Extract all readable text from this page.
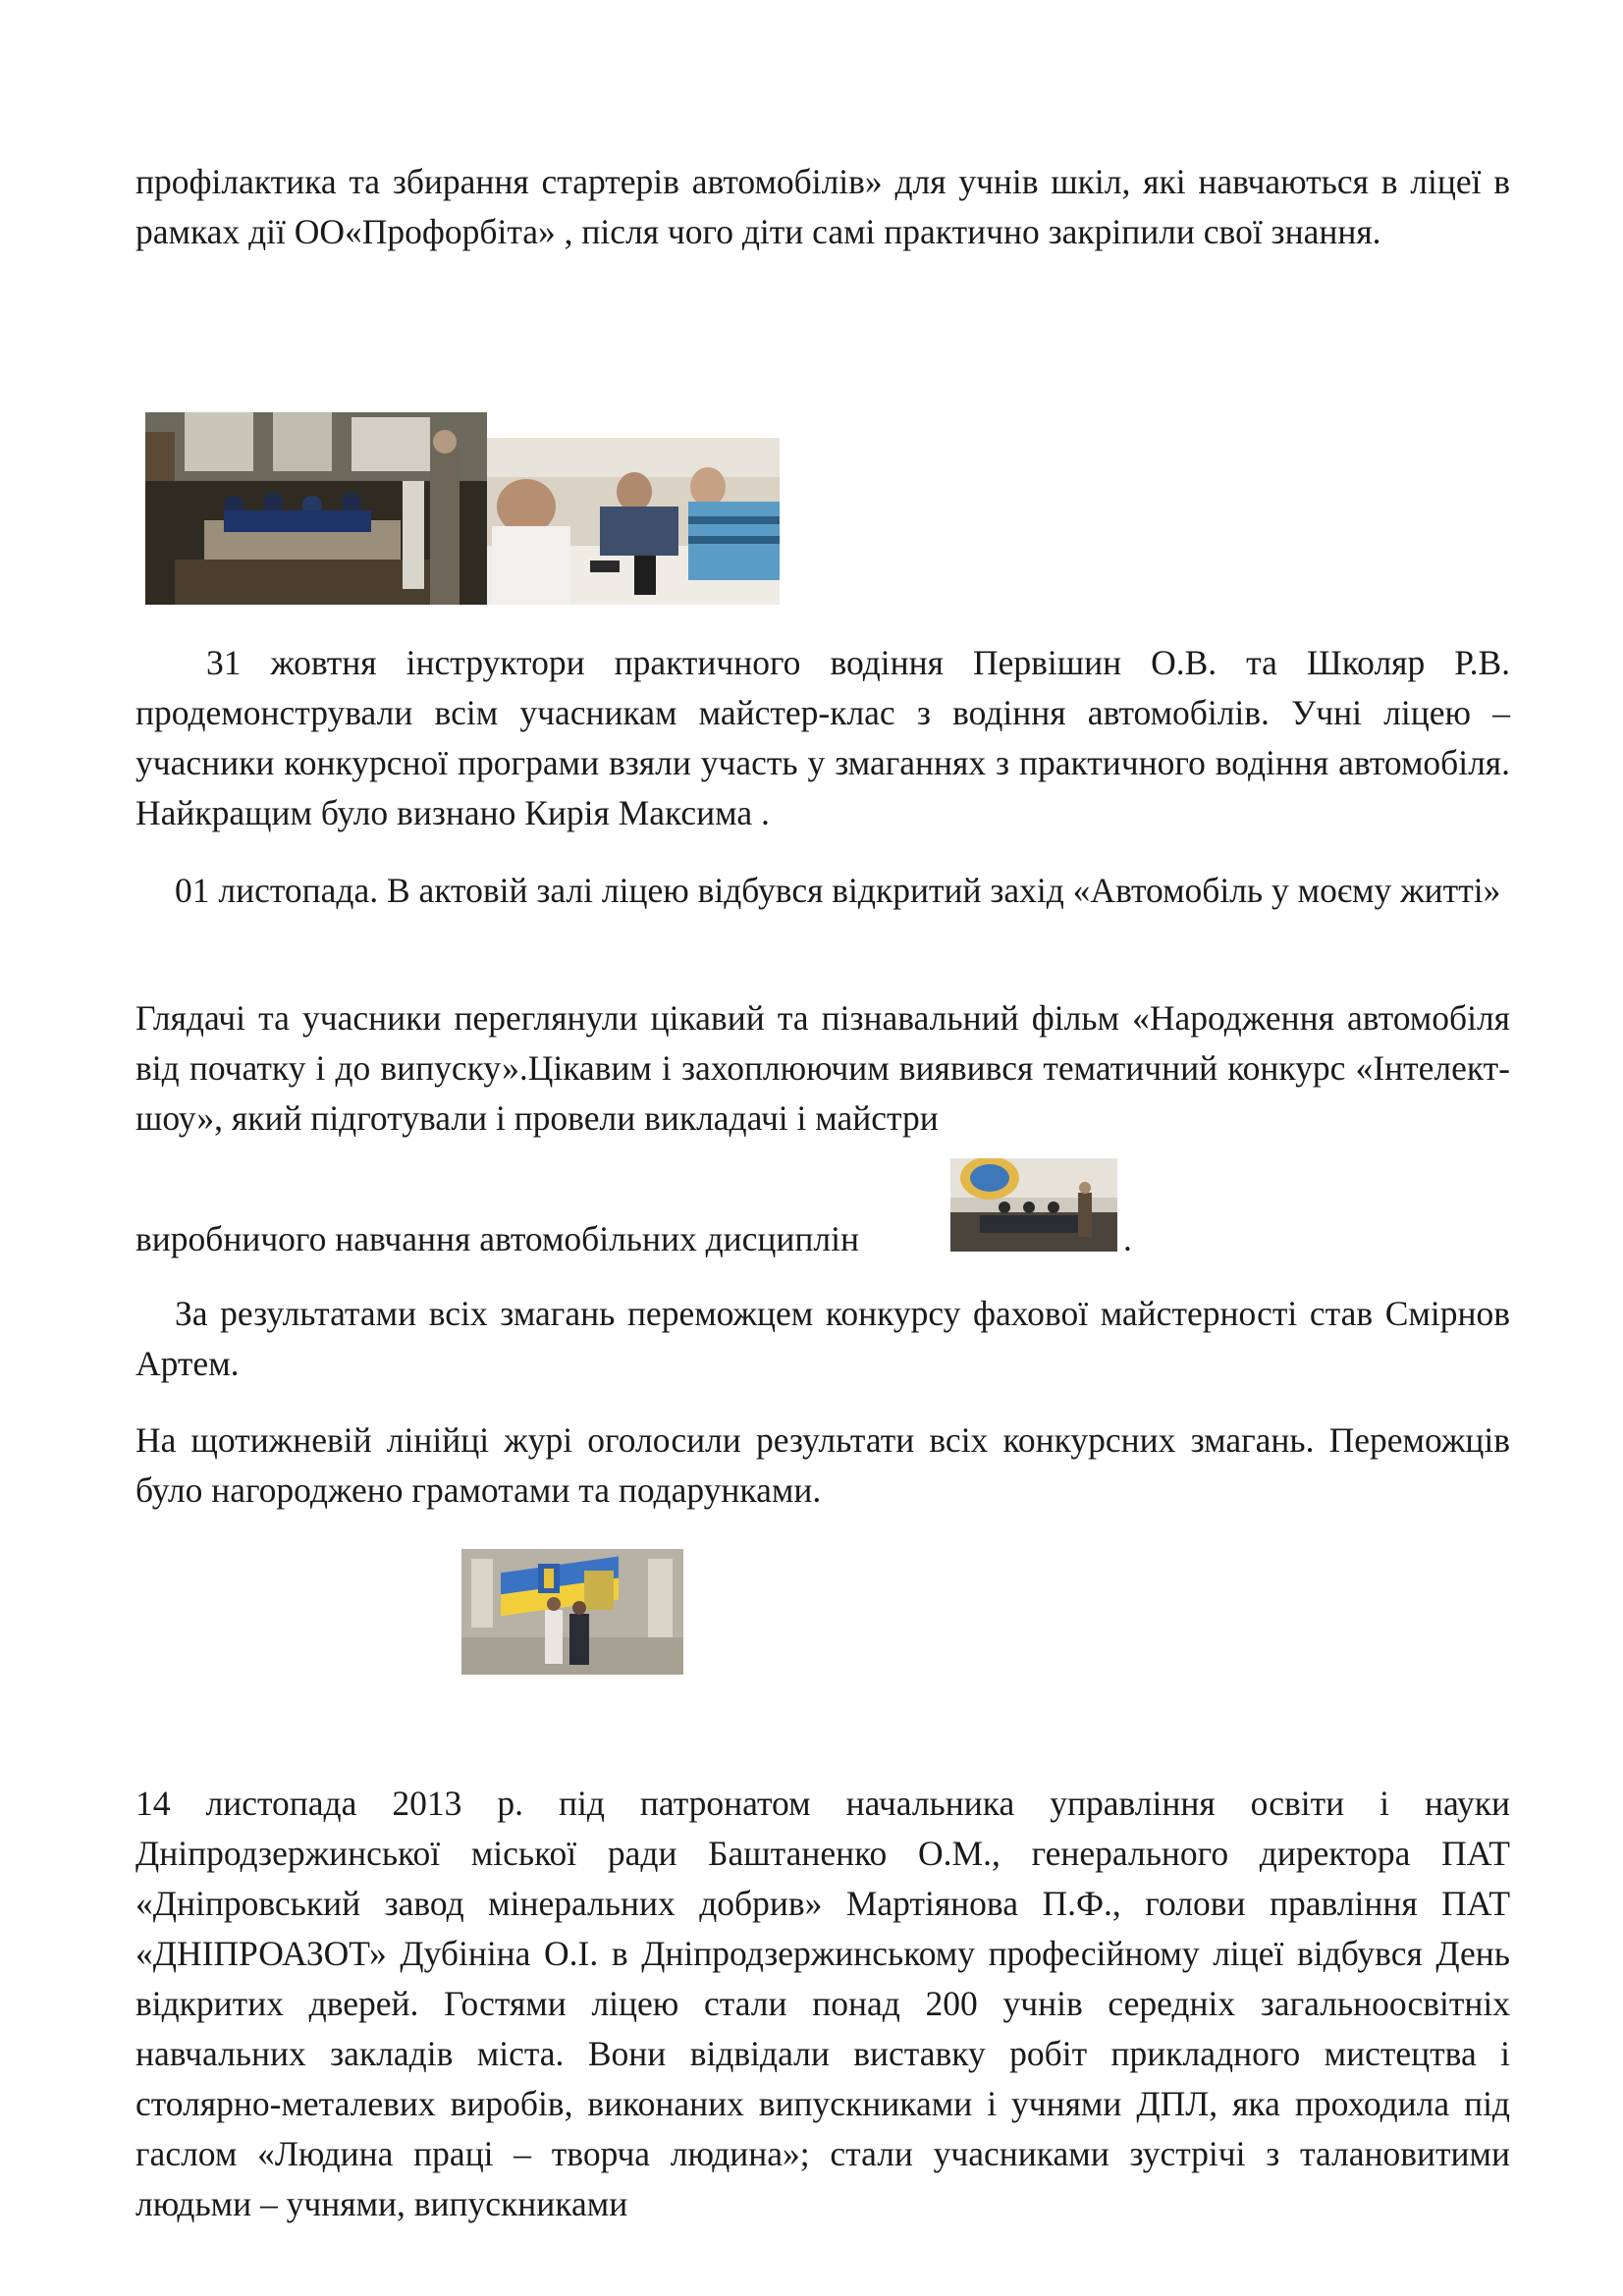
профілактика та збирання стартерів автомобілів» для учнів шкіл, які навчаються в ліцеї в рамках дії ОО«Профорбіта» , після чого діти самі практично закріпили свої знання.

31 жовтня інструктори практичного водіння Первішин О.В. та Школяр Р.В. продемонстрували всім учасникам майстер-клас з водіння автомобілів. Учні ліцею – учасники конкурсної програми взяли участь у змаганнях з практичного водіння автомобіля. Найкращим було визнано Кирія Максима .

01 листопада. В актовій залі ліцею відбувся відкритий захід «Автомобіль у моєму житті»

Глядачі та учасники переглянули цікавий та пізнавальний фільм «Народження автомобіля від початку і до випуску».Цікавим і захоплюючим виявився тематичний конкурс «Інтелект-шоу», який підготували і провели викладачі і майстри

виробничого навчання автомобільних дисциплін	.

За результатами всіх змагань переможцем конкурсу фахової майстерності став Смірнов Артем.

На щотижневій лінійці журі оголосили результати всіх конкурсних змагань. Переможців було нагороджено грамотами та подарунками.

14 листопада 2013 р. під патронатом начальника управління освіти і науки Дніпродзержинської міської ради Баштаненко О.М., генерального директора ПАТ «Дніпровський завод мінеральних добрив» Мартіянова П.Ф., голови правління ПАТ «ДНІПРОАЗОТ» Дубініна О.І. в Дніпродзержинському професійному ліцеї відбувся День відкритих дверей. Гостями ліцею стали понад 200 учнів середніх загальноосвітніх навчальних закладів міста. Вони відвідали виставку робіт прикладного мистецтва і столярно-металевих виробів, виконаних випускниками і учнями ДПЛ, яка проходила під гаслом «Людина праці – творча людина»; стали учасниками зустрічі з талановитими людьми – учнями, випускниками
